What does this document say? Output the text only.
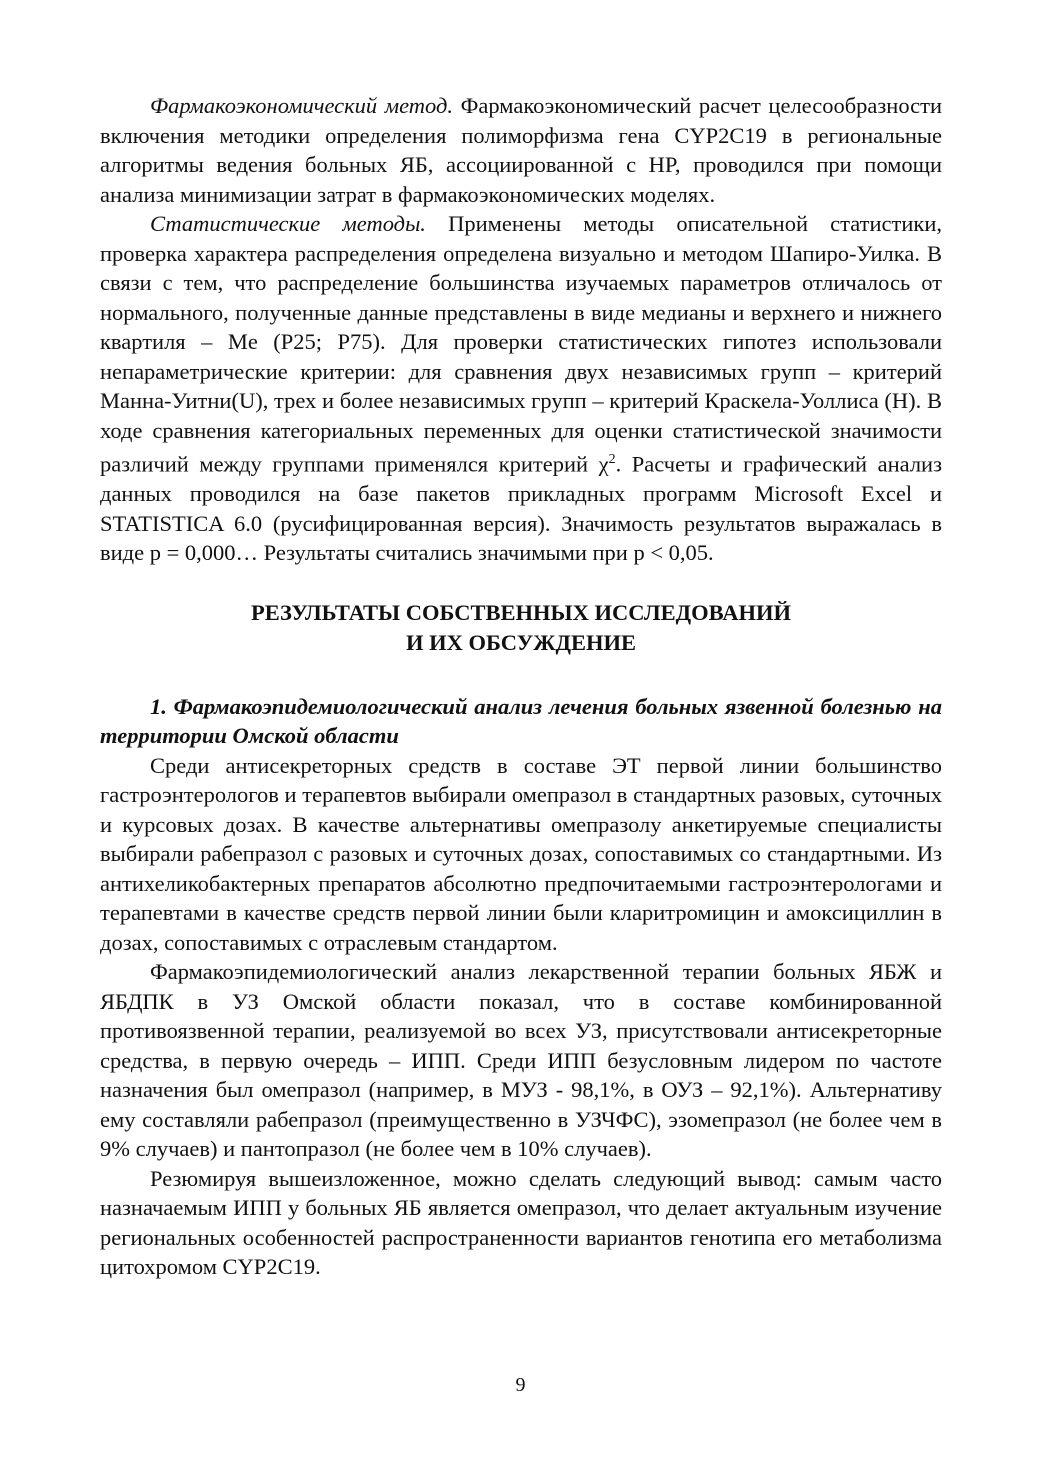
Фармакоэкономический метод. Фармакоэкономический расчет целесообразности включения методики определения полиморфизма гена CYP2C19 в региональные алгоритмы ведения больных ЯБ, ассоциированной с HP, проводился при помощи анализа минимизации затрат в фармакоэкономических моделях.

Статистические методы. Применены методы описательной статистики, проверка характера распределения определена визуально и методом Шапиро-Уилка. В связи с тем, что распределение большинства изучаемых параметров отличалось от нормального, полученные данные представлены в виде медианы и верхнего и нижнего квартиля – Me (P25; P75). Для проверки статистических гипотез использовали непараметрические критерии: для сравнения двух независимых групп – критерий Манна-Уитни(U), трех и более независимых групп – критерий Краскела-Уоллиса (H). В ходе сравнения категориальных переменных для оценки статистической значимости различий между группами применялся критерий $\chi^2$. Расчеты и графический анализ данных проводился на базе пакетов прикладных программ Microsoft Excel и STATISTICA 6.0 (русифицированная версия). Значимость результатов выражалась в виде p = 0,000… Результаты считались значимыми при p < 0,05.

РЕЗУЛЬТАТЫ СОБСТВЕННЫХ ИССЛЕДОВАНИЙ
И ИХ ОБСУЖДЕНИЕ

1. Фармакоэпидемиологический анализ лечения больных язвенной болезнью на территории Омской области

Среди антисекреторных средств в составе ЭТ первой линии большинство гастроэнтерологов и терапевтов выбирали омепразол в стандартных разовых, суточных и курсовых дозах. В качестве альтернативы омепразолу анкетируемые специалисты выбирали рабепразол с разовых и суточных дозах, сопоставимых со стандартными. Из антихеликобактерных препаратов абсолютно предпочитаемыми гастроэнтерологами и терапевтами в качестве средств первой линии были кларитромицин и амоксициллин в дозах, сопоставимых с отраслевым стандартом.

Фармакоэпидемиологический анализ лекарственной терапии больных ЯБЖ и ЯБДПК в УЗ Омской области показал, что в составе комбинированной противоязвенной терапии, реализуемой во всех УЗ, присутствовали антисекреторные средства, в первую очередь – ИПП. Среди ИПП безусловным лидером по частоте назначения был омепразол (например, в МУЗ - 98,1%, в ОУЗ – 92,1%). Альтернативу ему составляли рабепразол (преимущественно в УЗЧФС), эзомепразол (не более чем в 9% случаев) и пантопразол (не более чем в 10% случаев).

Резюмируя вышеизложенное, можно сделать следующий вывод: самым часто назначаемым ИПП у больных ЯБ является омепразол, что делает актуальным изучение региональных особенностей распространенности вариантов генотипа его метаболизма цитохромом CYP2C19.

9
